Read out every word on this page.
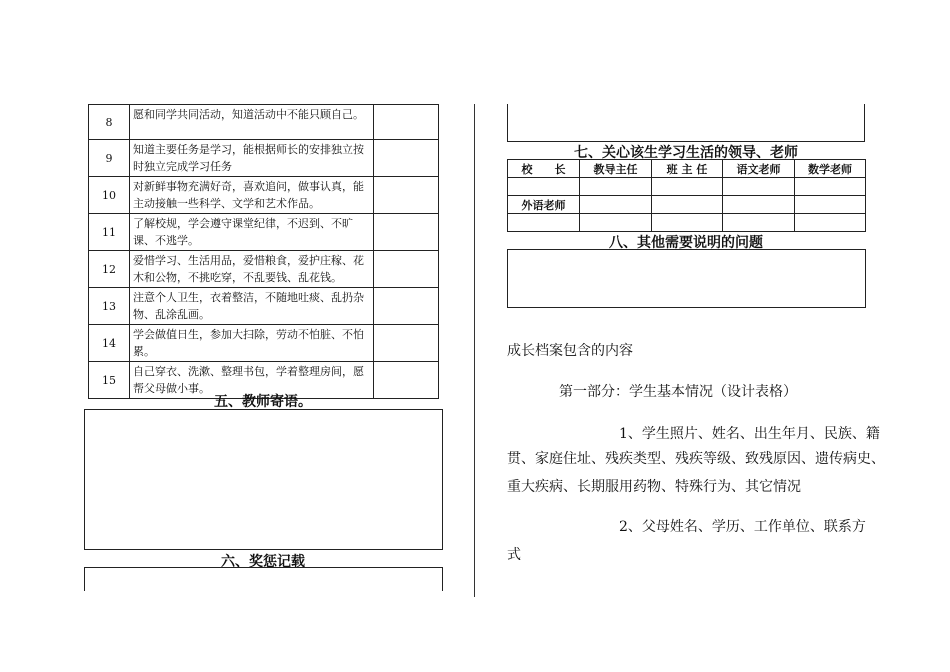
8	愿和同学共同活动，知道活动中不能只顾自己。	
9	知道主要任务是学习，能根据师长的安排独立按时独立完成学习任务	
10	对新鲜事物充满好奇，喜欢追问，做事认真，能主动接触一些科学、文学和艺术作品。	
11	了解校规，学会遵守课堂纪律，不迟到、不旷课、不逃学。	
12	爱惜学习、生活用品，爱惜粮食，爱护庄稼、花木和公物，不挑吃穿，不乱要钱、乱花钱。	
13	注意个人卫生，衣着整洁，不随地吐痰、乱扔杂物、乱涂乱画。	
14	学会做值日生，参加大扫除，劳动不怕脏、不怕累。	
15	自己穿衣、洗漱、整理书包，学着整理房间，愿帮父母做小事。	
五、教师寄语。
六、奖惩记载
七、关心该生学习生活的领导、老师
校　　长	教导主任	班 主 任	语文老师	数学老师

外语老师				

八、其他需要说明的问题
成长档案包含的内容
第一部分：学生基本情况（设计表格）
1、学生照片、姓名、出生年月、民族、籍
贯、家庭住址、残疾类型、残疾等级、致残原因、遗传病史、
重大疾病、长期服用药物、特殊行为、其它情况
2、父母姓名、学历、工作单位、联系方
式
